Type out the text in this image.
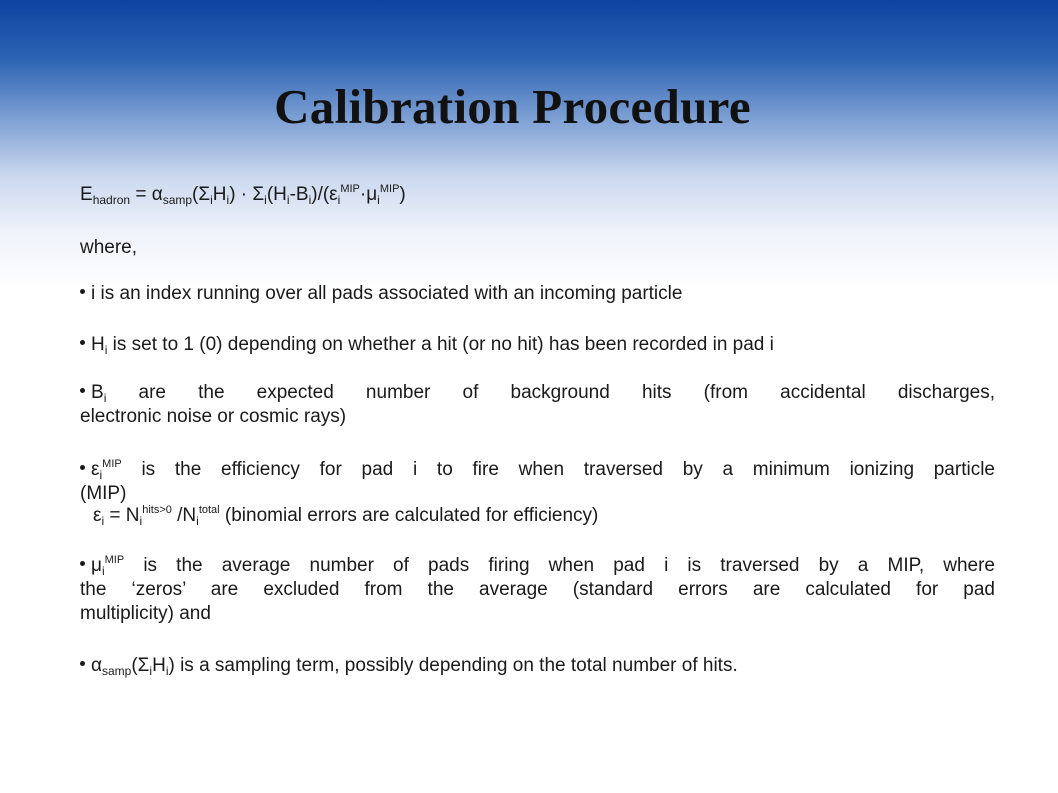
Calibration Procedure
$E_{hadron} = \alpha_{samp}(\Sigma_iH_i) \cdot \Sigma_i(H_i-B_i)/(\varepsilon_i^{MIP}\cdot\mu_i^{MIP})$
where,
i is an index running over all pads associated with an incoming particle
$H_i$ is set to 1 (0) depending on whether a hit (or no hit) has been recorded in pad i
$B_i$ are the expected number of background hits (from accidental discharges,
electronic noise or cosmic rays)
$\varepsilon_i^{MIP}$ is the efficiency for pad i to fire when traversed by a minimum ionizing particle
(MIP)
$\varepsilon_i = N_i^{hits>0}$ $/N_i^{total}$ (binomial errors are calculated for efficiency)
$\mu_i^{MIP}$ is the average number of pads firing when pad i is traversed by a MIP, where
the ‘zeros’ are excluded from the average (standard errors are calculated for pad
multiplicity) and
$\alpha_{samp}(\Sigma_iH_i)$ is a sampling term, possibly depending on the total number of hits.
